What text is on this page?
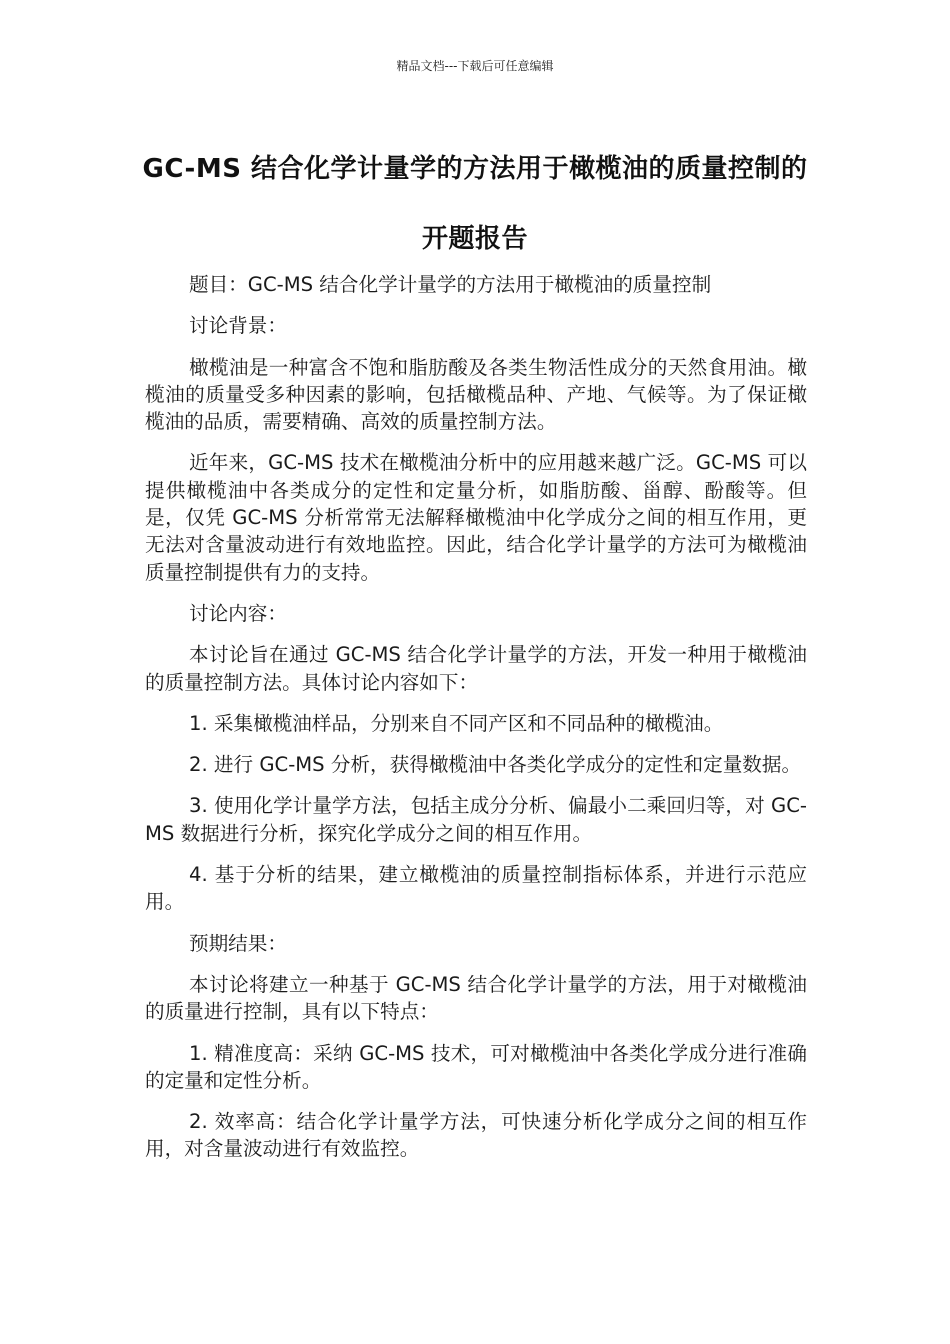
精品文档---下载后可任意编辑
GC-MS 结合化学计量学的方法用于橄榄油的质量控制的开题报告

题目：GC-MS 结合化学计量学的方法用于橄榄油的质量控制

讨论背景：

橄榄油是一种富含不饱和脂肪酸及各类生物活性成分的天然食用油。橄榄油的质量受多种因素的影响，包括橄榄品种、产地、气候等。为了保证橄榄油的品质，需要精确、高效的质量控制方法。

近年来，GC-MS 技术在橄榄油分析中的应用越来越广泛。GC-MS 可以提供橄榄油中各类成分的定性和定量分析，如脂肪酸、甾醇、酚酸等。但是，仅凭 GC-MS 分析常常无法解释橄榄油中化学成分之间的相互作用，更无法对含量波动进行有效地监控。因此，结合化学计量学的方法可为橄榄油质量控制提供有力的支持。

讨论内容：

本讨论旨在通过 GC-MS 结合化学计量学的方法，开发一种用于橄榄油的质量控制方法。具体讨论内容如下：

1. 采集橄榄油样品，分别来自不同产区和不同品种的橄榄油。

2. 进行 GC-MS 分析，获得橄榄油中各类化学成分的定性和定量数据。

3. 使用化学计量学方法，包括主成分分析、偏最小二乘回归等，对 GC-MS 数据进行分析，探究化学成分之间的相互作用。

4. 基于分析的结果，建立橄榄油的质量控制指标体系，并进行示范应用。

预期结果：

本讨论将建立一种基于 GC-MS 结合化学计量学的方法，用于对橄榄油的质量进行控制，具有以下特点：

1. 精准度高：采纳 GC-MS 技术，可对橄榄油中各类化学成分进行准确的定量和定性分析。

2. 效率高：结合化学计量学方法，可快速分析化学成分之间的相互作用，对含量波动进行有效监控。
